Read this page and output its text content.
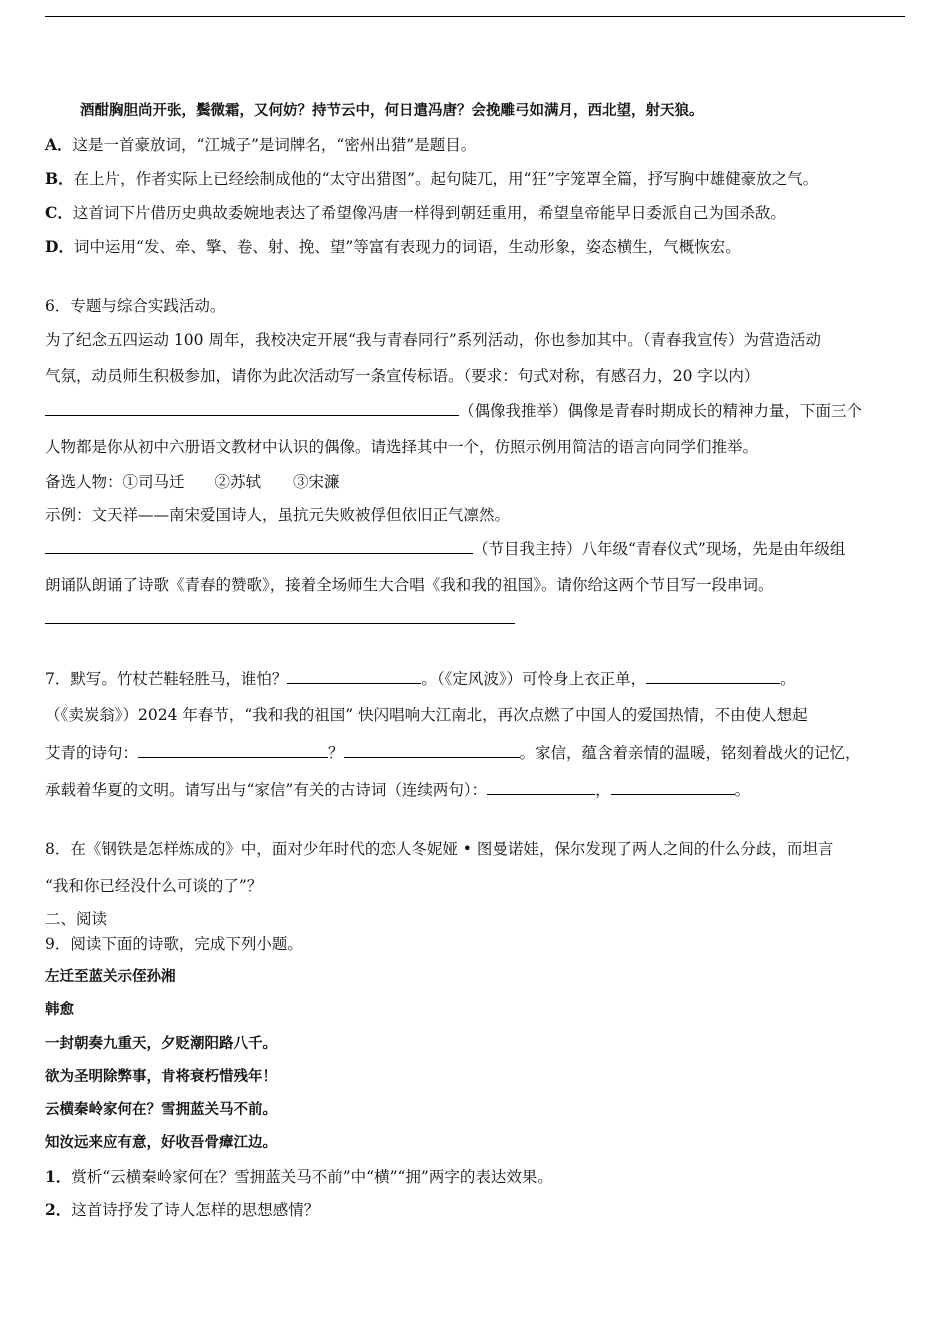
酒酣胸胆尚开张，鬓微霜，又何妨？持节云中，何日遣冯唐？会挽雕弓如满月，西北望，射天狼。
A．这是一首豪放词，“江城子”是词牌名，“密州出猎”是题目。
B．在上片，作者实际上已经绘制成他的“太守出猎图”。起句陡兀，用“狂”字笼罩全篇，抒写胸中雄健豪放之气。
C．这首词下片借历史典故委婉地表达了希望像冯唐一样得到朝廷重用，希望皇帝能早日委派自己为国杀敌。
D．词中运用“发、牵、擎、卷、射、挽、望”等富有表现力的词语，生动形象，姿态横生，气概恢宏。
6．专题与综合实践活动。
为了纪念五四运动 100 周年，我校决定开展“我与青春同行”系列活动，你也参加其中。（青春我宣传）为营造活动
气氛，动员师生积极参加，请你为此次活动写一条宣传标语。（要求：句式对称，有感召力，20 字以内）
（偶像我推举）偶像是青春时期成长的精神力量，下面三个
人物都是你从初中六册语文教材中认识的偶像。请选择其中一个，仿照示例用简洁的语言向同学们推举。
备选人物：①司马迁 ②苏轼 ③宋濂
示例：文天祥——南宋爱国诗人，虽抗元失败被俘但依旧正气凛然。
（节目我主持）八年级“青春仪式”现场，先是由年级组
朗诵队朗诵了诗歌《青春的赞歌》，接着全场师生大合唱《我和我的祖国》。请你给这两个节目写一段串词。
7．默写。竹杖芒鞋轻胜马，谁怕？	。（《定风波》）可怜身上衣正单，	。
（《卖炭翁》）2024 年春节，“我和我的祖国” 快闪唱响大江南北，再次点燃了中国人的爱国热情，不由使人想起
艾青的诗句：	？	。家信，蕴含着亲情的温暖，铭刻着战火的记忆，
承载着华夏的文明。请写出与“家信”有关的古诗词（连续两句）：	，	。
8．在《钢铁是怎样炼成的》中，面对少年时代的恋人冬妮娅 • 图曼诺娃，保尔发现了两人之间的什么分歧，而坦言
“我和你已经没什么可谈的了”？
二、阅读
9．阅读下面的诗歌，完成下列小题。
左迁至蓝关示侄孙湘
韩愈
一封朝奏九重天，夕贬潮阳路八千。
欲为圣明除弊事，肯将衰朽惜残年！
云横秦岭家何在？雪拥蓝关马不前。
知汝远来应有意，好收吾骨瘴江边。
1．赏析“云横秦岭家何在？雪拥蓝关马不前”中“横”“拥”两字的表达效果。
2．这首诗抒发了诗人怎样的思想感情？
